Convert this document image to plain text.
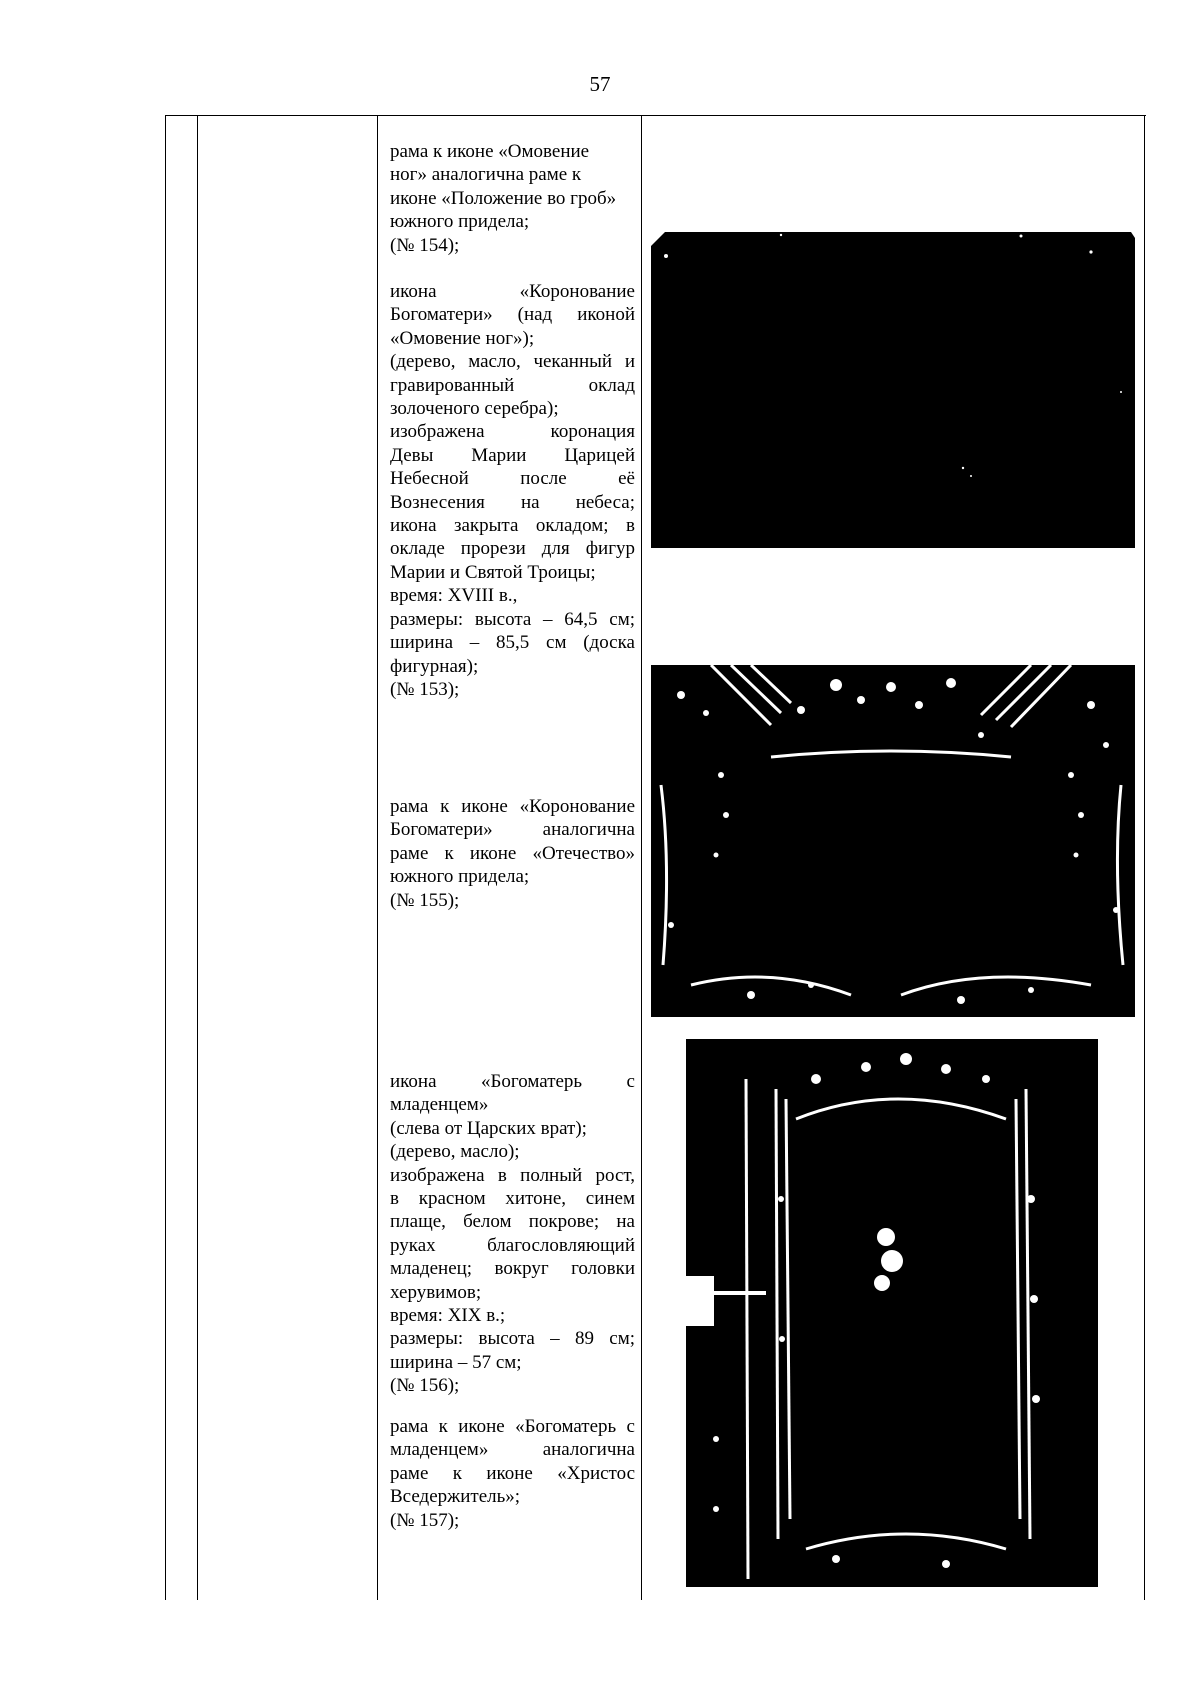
57

рама к иконе «Омовение

ног» аналогична раме к

иконе «Положение во гроб»

южного придела;

(№ 154);

икона «Коронование

Богоматери» (над иконой

«Омовение ног»);

(дерево, масло, чеканный и

гравированный оклад

золоченого серебра);

изображена коронация

Девы Марии Царицей

Небесной после её

Вознесения на небеса;

икона закрыта окладом; в

окладе прорези для фигур

Марии и Святой Троицы;

время: XVIII в.,

размеры: высота – 64,5 см;

ширина – 85,5 см (доска

фигурная);

(№ 153);

рама к иконе «Коронование

Богоматери» аналогична

раме к иконе «Отечество»

южного придела;

(№ 155);

икона «Богоматерь с

младенцем»

(слева от Царских врат);

(дерево, масло);

изображена в полный рост,

в красном хитоне, синем

плаще, белом покрове; на

руках благословляющий

младенец; вокруг головки

херувимов;

время: XIX в.;

размеры: высота – 89 см;

ширина – 57 см;

(№ 156);

рама к иконе «Богоматерь с

младенцем» аналогична

раме к иконе «Христос

Вседержитель»;

(№ 157);
